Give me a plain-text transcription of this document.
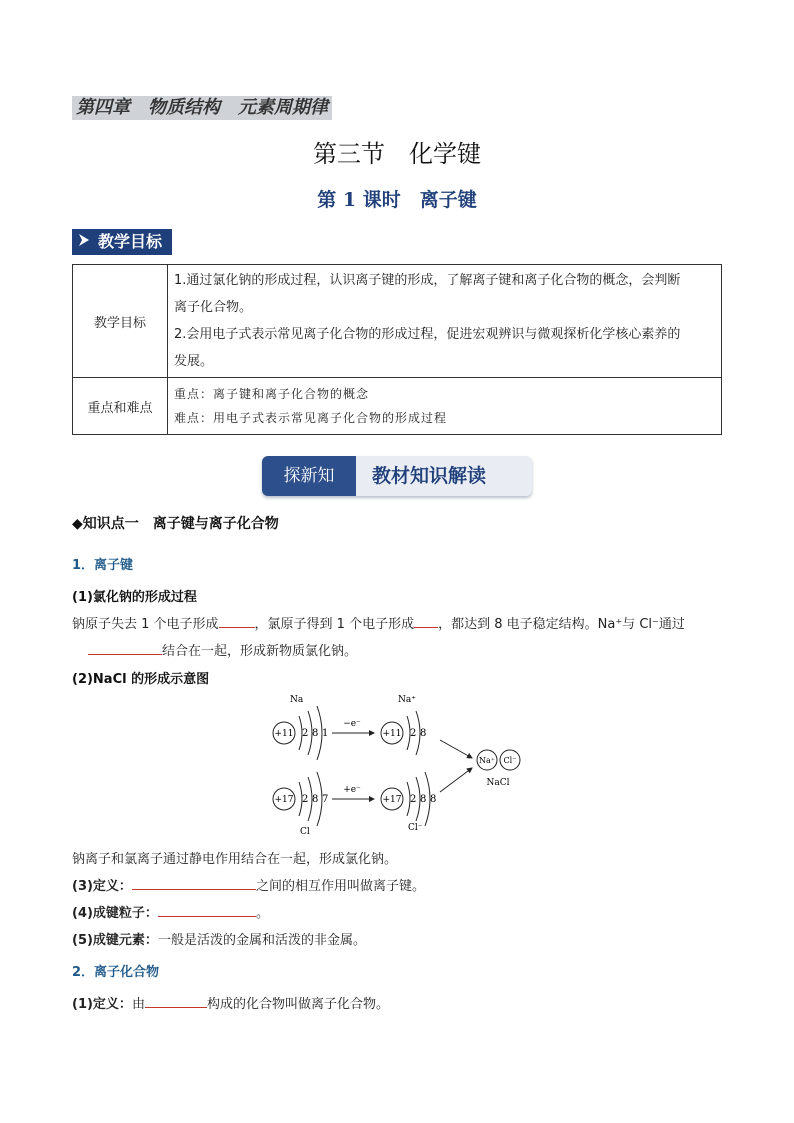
第四章　物质结构　元素周期律
第三节　化学键
第 1 课时　离子键
教学目标
教学目标	1.通过氯化钠的形成过程，认识离子键的形成，了解离子键和离子化合物的概念，会判断
离子化合物。
2.会用电子式表示常见离子化合物的形成过程，促进宏观辨识与微观探析化学核心素养的
发展。

重点和难点	重点：离子键和离子化合物的概念
难点：用电子式表示常见离子化合物的形成过程
探新知	教材知识解读
◆知识点一　离子键与离子化合物
1．离子键
(1)氯化钠的形成过程
钠原子失去 1 个电子形成	，氯原子得到 1 个电子形成 ，都达到 8 电子稳定结构。Na⁺与 Cl⁻通过
结合在一起，形成新物质氯化钠。
(2)NaCl 的形成示意图
Na
+11 2 8 1
−e⁻
Na⁺
+11 2 8
+17 2 8 7
Cl
+e⁻
+17 2 8 8
Cl⁻
Na⁺ Cl⁻
NaCl
钠离子和氯离子通过静电作用结合在一起，形成氯化钠。
(3)定义：	之间的相互作用叫做离子键。
(4)成键粒子：	。
(5)成键元素：一般是活泼的金属和活泼的非金属。
2．离子化合物
(1)定义：由	构成的化合物叫做离子化合物。
